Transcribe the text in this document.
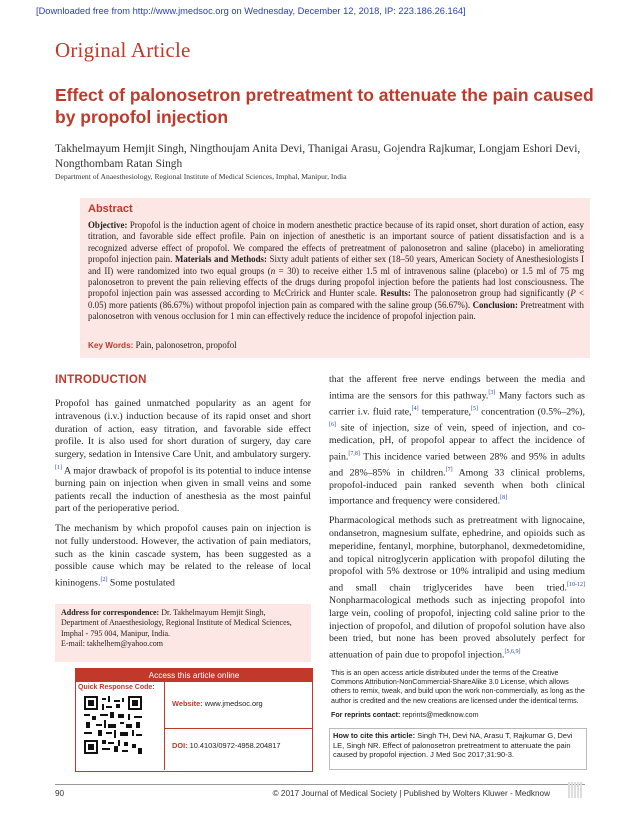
[Downloaded free from http://www.jmedsoc.org on Wednesday, December 12, 2018, IP: 223.186.26.164]
Original Article
Effect of palonosetron pretreatment to attenuate the pain caused by propofol injection
Takhelmayum Hemjit Singh, Ningthoujam Anita Devi, Thanigai Arasu, Gojendra Rajkumar, Longjam Eshori Devi, Nongthombam Ratan Singh
Department of Anaesthesiology, Regional Institute of Medical Sciences, Imphal, Manipur, India
Abstract
Objective: Propofol is the induction agent of choice in modern anesthetic practice because of its rapid onset, short duration of action, easy titration, and favorable side effect profile. Pain on injection of anesthetic is an important source of patient dissatisfaction and is a recognized adverse effect of propofol. We compared the effects of pretreatment of palonosetron and saline (placebo) in ameliorating propofol injection pain. Materials and Methods: Sixty adult patients of either sex (18–50 years, American Society of Anesthesiologists I and II) were randomized into two equal groups (n = 30) to receive either 1.5 ml of intravenous saline (placebo) or 1.5 ml of 75 mg palonosetron to prevent the pain relieving effects of the drugs during propofol injection before the patients had lost consciousness. The propofol injection pain was assessed according to McCririck and Hunter scale. Results: The palonosetron group had significantly (P < 0.05) more patients (86.67%) without propofol injection pain as compared with the saline group (56.67%). Conclusion: Pretreatment with palonosetron with venous occlusion for 1 min can effectively reduce the incidence of propofol injection pain.
Key Words: Pain, palonosetron, propofol
INTRODUCTION

Propofol has gained unmatched popularity as an agent for intravenous (i.v.) induction because of its rapid onset and short duration of action, easy titration, and favorable side effect profile. It is also used for short duration of surgery, day care surgery, sedation in Intensive Care Unit, and ambulatory surgery.[1] A major drawback of propofol is its potential to induce intense burning pain on injection when given in small veins and some patients recall the induction of anesthesia as the most painful part of the perioperative period.

The mechanism by which propofol causes pain on injection is not fully understood. However, the activation of pain mediators, such as the kinin cascade system, has been suggested as a possible cause which may be related to the release of local kininogens.[2] Some postulated

that the afferent free nerve endings between the media and intima are the sensors for this pathway.[3] Many factors such as carrier i.v. fluid rate,[4] temperature,[5] concentration (0.5%–2%),[6] site of injection, size of vein, speed of injection, and co-medication, pH, of propofol appear to affect the incidence of pain.[7,8] This incidence varied between 28% and 95% in adults and 28%–85% in children.[7] Among 33 clinical problems, propofol-induced pain ranked seventh when both clinical importance and frequency were considered.[8]

Pharmacological methods such as pretreatment with lignocaine, ondansetron, magnesium sulfate, ephedrine, and opioids such as meperidine, fentanyl, morphine, butorphanol, dexmedetomidine, and topical nitroglycerin application with propofol diluting the propofol with 5% dextrose or 10% intralipid and using medium and small chain triglycerides have been tried.[10-12] Nonpharmacological methods such as injecting propofol into large vein, cooling of propofol, injecting cold saline prior to the injection of propofol, and dilution of propofol solution have also been tried, but none has been proved absolutely perfect for attenuation of pain due to propofol injection.[5,6,9]

Address for correspondence: Dr. Takhelmayum Hemjit Singh,
Department of Anaesthesiology, Regional Institute of Medical Sciences, Imphal - 795 004, Manipur, India.
E-mail: takhelhem@yahoo.com
Access this article online
Quick Response Code:
Website: www.jmedsoc.org
DOI: 10.4103/0972-4958.204817
This is an open access article distributed under the terms of the Creative Commons Attribution-NonCommercial-ShareAlike 3.0 License, which allows others to remix, tweak, and build upon the work non-commercially, as long as the author is credited and the new creations are licensed under the identical terms.
For reprints contact: reprints@medknow.com
How to cite this article: Singh TH, Devi NA, Arasu T, Rajkumar G, Devi LE, Singh NR. Effect of palonosetron pretreatment to attenuate the pain caused by propofol injection. J Med Soc 2017;31:90-3.
90	© 2017 Journal of Medical Society | Published by Wolters Kluwer - Medknow
